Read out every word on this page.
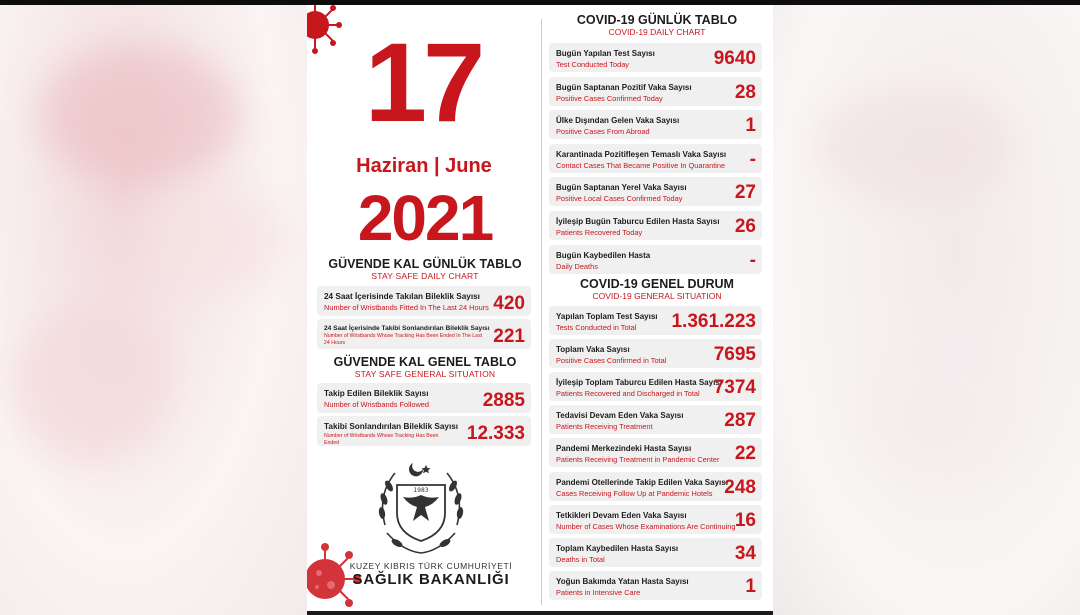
17
Haziran | June
2021
GÜVENDE KAL GÜNLÜK TABLO
STAY SAFE DAILY CHART
24 Saat İçerisinde Takılan Bileklik Sayısı
Number of Wristbands Fitted In The Last 24 Hours 420
24 Saat İçerisinde Takibi Sonlandırılan Bileklik Sayısı
Number of Wristbands Whose Tracking Has Been Ended In The Last 24 Hours	221
GÜVENDE KAL GENEL TABLO
STAY SAFE GENERAL SITUATION
Takip Edilen Bileklik Sayısı
Number of Wristbands Followed	2885
Takibi Sonlandırılan Bileklik Sayısı
Number of Wristbands Whose Tracking Has Been Ended	12.333
1983
KUZEY KIBRIS TÜRK CUMHURİYETİ
SAĞLIK BAKANLIĞI
COVID-19 GÜNLÜK TABLO
COVID-19 DAILY CHART
COVID-19 GENEL DURUM
COVID-19 GENERAL SITUATION
Bugün Yapılan Test Sayısı
Test Conducted Today	9640
Bugün Saptanan Pozitif Vaka Sayısı
Positive Cases Confirmed Today	28
Ülke Dışından Gelen Vaka Sayısı
Positive Cases From Abroad	1
Karantinada Pozitifleşen Temaslı Vaka Sayısı
Contact Cases That Became Positive In Quarantine -
Bugün Saptanan Yerel Vaka Sayısı
Positive Local Cases Confirmed Today	27
İyileşip Bugün Taburcu Edilen Hasta Sayısı
Patients Recovered Today	26
Bugün Kaybedilen Hasta
Daily Deaths	-
Yapılan Toplam Test Sayısı
Tests Conducted in Total 1.361.223
Toplam Vaka Sayısı
Positive Cases Confirmed in Total 7695
İyileşip Toplam Taburcu Edilen Hasta Sayısı
Patients Recovered and Discharged in Total 7374
Tedavisi Devam Eden Vaka Sayısı
Patients Receiving Treatment	287
Pandemi Merkezindeki Hasta Sayısı
Patients Receiving Treatment in Pandemic Center 22
Pandemi Otellerinde Takip Edilen Vaka Sayısı
Cases Receiving Follow Up at Pandemic Hotels 248
Tetkikleri Devam Eden Vaka Sayısı
Number of Cases Whose Examinations Are Continuing 16
Toplam Kaybedilen Hasta Sayısı
Deaths in Total	34
Yoğun Bakımda Yatan Hasta Sayısı
Patients in Intensive Care	1
